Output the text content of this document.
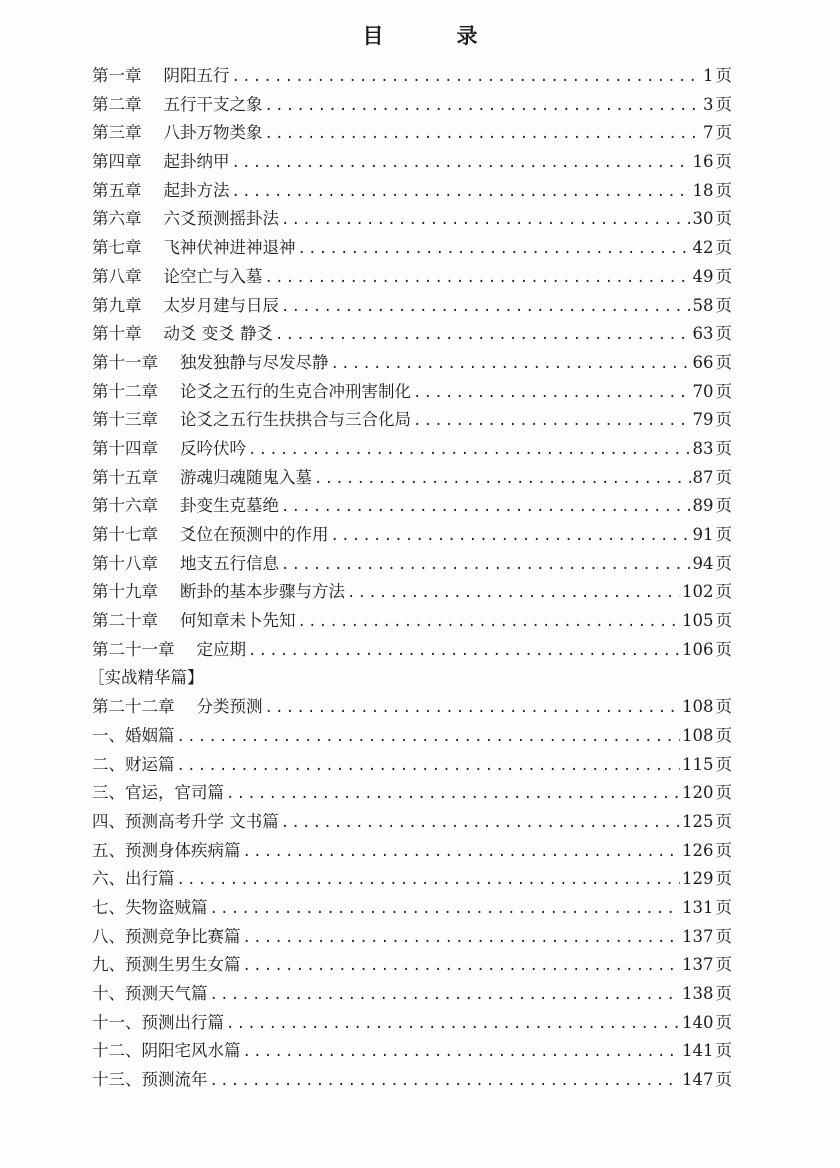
目　录
第一章 阴阳五行 .....	1 页
第二章 五行干支之象 .....	3 页
第三章 八卦万物类象 .....	7 页
第四章 起卦纳甲 .....	16 页
第五章 起卦方法 .....	18 页
第六章 六爻预测摇卦法 .....	30 页
第七章 飞神伏神进神退神 .....	42 页
第八章 论空亡与入墓 .....	49 页
第九章 太岁月建与日辰 .....	58 页
第十章 动爻 变爻 静爻 .....	63 页
第十一章 独发独静与尽发尽静 .....	66 页
第十二章 论爻之五行的生克合冲刑害制化 .....	70 页
第十三章 论爻之五行生扶拱合与三合化局 .....	79 页
第十四章 反吟伏吟 .....	83 页
第十五章 游魂归魂随鬼入墓 .....	87 页
第十六章 卦变生克墓绝 .....	89 页
第十七章 爻位在预测中的作用 .....	91 页
第十八章 地支五行信息 .....	94 页
第十九章 断卦的基本步骤与方法 .....	102 页
第二十章 何知章未卜先知 .....	105 页
第二十一章 定应期 .....	106 页
［实战精华篇】
第二十二章 分类预测 .....	108 页
一、婚姻篇 .....	108 页
二、财运篇 .....	115 页
三、官运，官司篇 .....	120 页
四、预测高考升学 文书篇 .....	125 页
五、预测身体疾病篇 .....	126 页
六、出行篇 .....	129 页
七、失物盗贼篇 .....	131 页
八、预测竞争比赛篇 .....	137 页
九、预测生男生女篇 .....	137 页
十、预测天气篇 .....	138 页
十一、预测出行篇 .....	140 页
十二、阴阳宅风水篇 .....	141 页
十三、预测流年 .....	147 页
